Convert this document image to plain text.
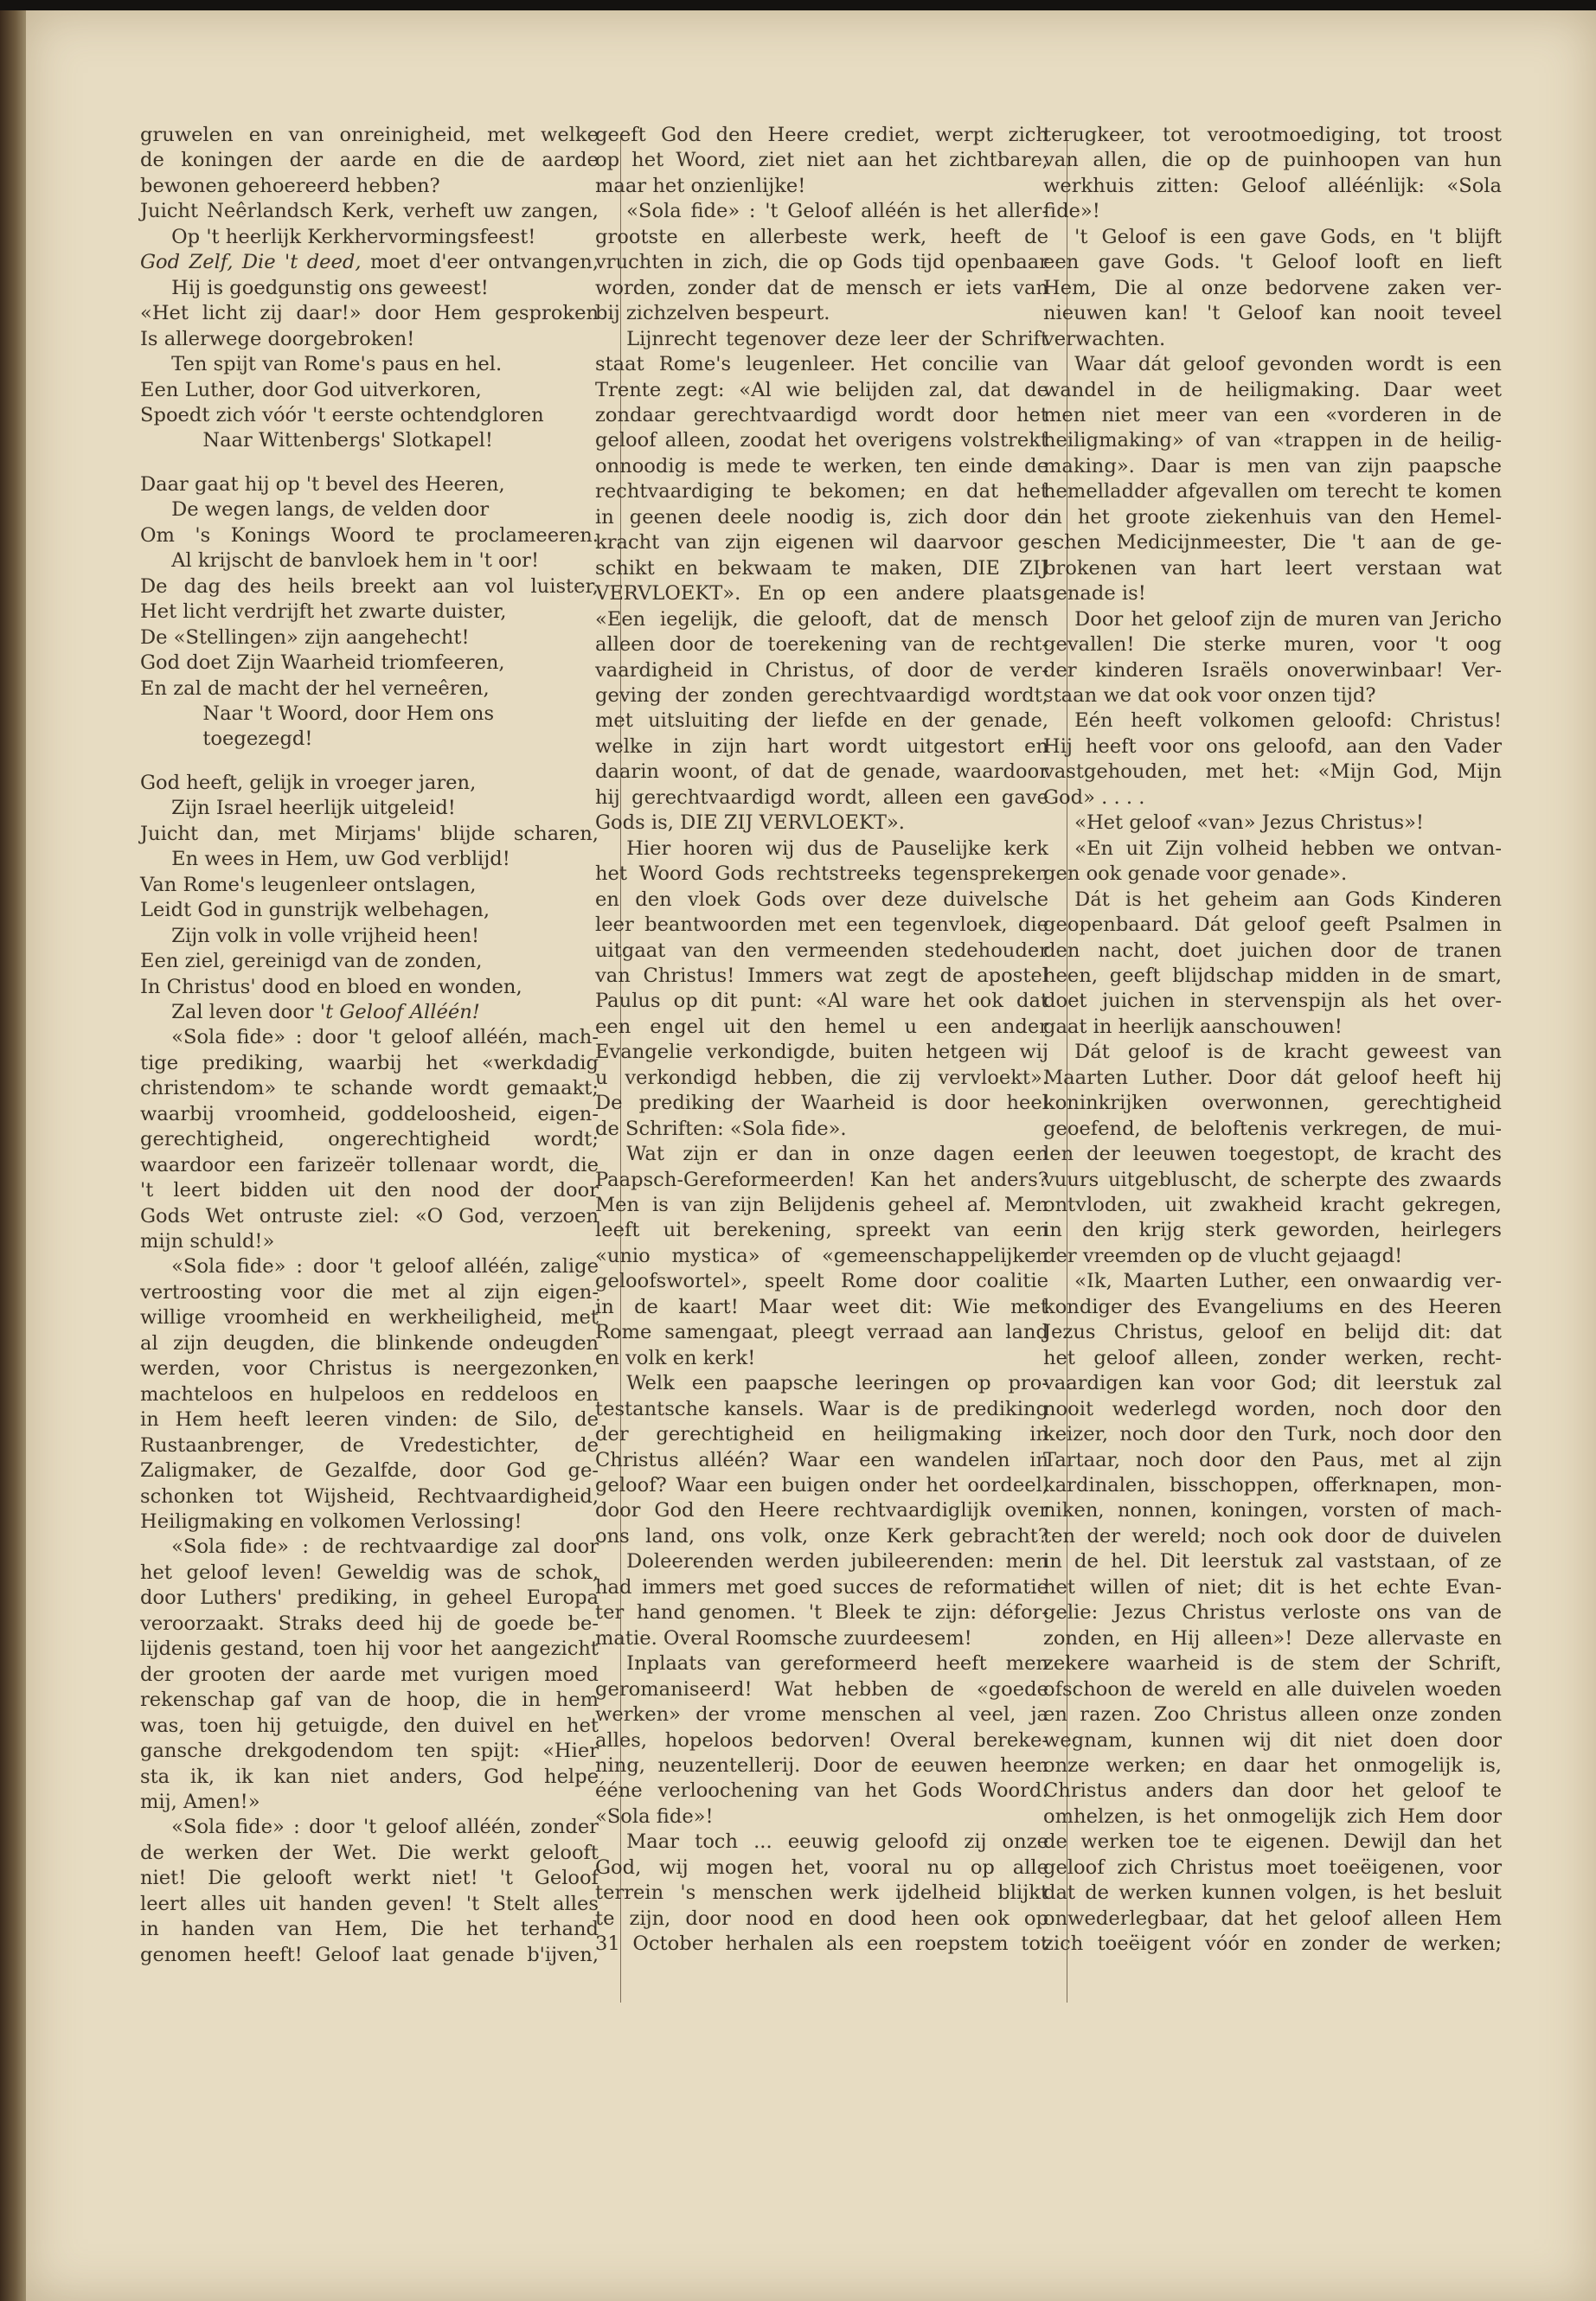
gruwelen en van onreinigheid, met welke

de koningen der aarde en die de aarde

bewonen gehoereerd hebben?

Juicht Neêrlandsch Kerk, verheft uw zangen,

Op 't heerlijk Kerkhervormingsfeest!

God Zelf, Die 't deed, moet d'eer ontvangen,

Hij is goedgunstig ons geweest!

«Het licht zij daar!» door Hem gesproken

Is allerwege doorgebroken!

Ten spijt van Rome's paus en hel.

Een Luther, door God uitverkoren,

Spoedt zich vóór 't eerste ochtendgloren

Naar Wittenbergs' Slotkapel!

Daar gaat hij op 't bevel des Heeren,

De wegen langs, de velden door

Om 's Konings Woord te proclameeren.

Al krijscht de banvloek hem in 't oor!

De dag des heils breekt aan vol luister,

Het licht verdrijft het zwarte duister,

De «Stellingen» zijn aangehecht!

God doet Zijn Waarheid triomfeeren,

En zal de macht der hel verneêren,

Naar 't Woord, door Hem ons toegezegd!

God heeft, gelijk in vroeger jaren,

Zijn Israel heerlijk uitgeleid!

Juicht dan, met Mirjams' blijde scharen,

En wees in Hem, uw God verblijd!

Van Rome's leugenleer ontslagen,

Leidt God in gunstrijk welbehagen,

Zijn volk in volle vrijheid heen!

Een ziel, gereinigd van de zonden,

In Christus' dood en bloed en wonden,

Zal leven door 't Geloof Alléén!

«Sola fide» : door 't geloof alléén, mach-

tige prediking, waarbij het «werkdadig

christendom» te schande wordt gemaakt;

waarbij vroomheid, goddeloosheid, eigen-

gerechtigheid, ongerechtigheid wordt;

waardoor een farizeër tollenaar wordt, die

't leert bidden uit den nood der door

Gods Wet ontruste ziel: «O God, verzoen

mijn schuld!»

«Sola fide» : door 't geloof alléén, zalige

vertroosting voor die met al zijn eigen-

willige vroomheid en werkheiligheid, met

al zijn deugden, die blinkende ondeugden

werden, voor Christus is neergezonken,

machteloos en hulpeloos en reddeloos en

in Hem heeft leeren vinden: de Silo, de

Rustaanbrenger, de Vredestichter, de

Zaligmaker, de Gezalfde, door God ge-

schonken tot Wijsheid, Rechtvaardigheid,

Heiligmaking en volkomen Verlossing!

«Sola fide» : de rechtvaardige zal door

het geloof leven! Geweldig was de schok,

door Luthers' prediking, in geheel Europa

veroorzaakt. Straks deed hij de goede be-

lijdenis gestand, toen hij voor het aangezicht

der grooten der aarde met vurigen moed

rekenschap gaf van de hoop, die in hem

was, toen hij getuigde, den duivel en het

gansche drekgodendom ten spijt: «Hier

sta ik, ik kan niet anders, God helpe

mij, Amen!»

«Sola fide» : door 't geloof alléén, zonder

de werken der Wet. Die werkt gelooft

niet! Die gelooft werkt niet! 't Geloof

leert alles uit handen geven! 't Stelt alles

in handen van Hem, Die het terhand

genomen heeft! Geloof laat genade b'ijven,

geeft God den Heere crediet, werpt zich

op het Woord, ziet niet aan het zichtbare,

maar het onzienlijke!

«Sola fide» : 't Geloof alléén is het aller-

grootste en allerbeste werk, heeft de

vruchten in zich, die op Gods tijd openbaar

worden, zonder dat de mensch er iets van

bij zichzelven bespeurt.

Lijnrecht tegenover deze leer der Schrift

staat Rome's leugenleer. Het concilie van

Trente zegt: «Al wie belijden zal, dat de

zondaar gerechtvaardigd wordt door het

geloof alleen, zoodat het overigens volstrekt

onnoodig is mede te werken, ten einde de

rechtvaardiging te bekomen; en dat het

in geenen deele noodig is, zich door de

kracht van zijn eigenen wil daarvoor ge-

schikt en bekwaam te maken, DIE ZIJ

VERVLOEKT». En op een andere plaats:

«Een iegelijk, die gelooft, dat de mensch

alleen door de toerekening van de recht-

vaardigheid in Christus, of door de ver-

geving der zonden gerechtvaardigd wordt,

met uitsluiting der liefde en der genade,

welke in zijn hart wordt uitgestort en

daarin woont, of dat de genade, waardoor

hij gerechtvaardigd wordt, alleen een gave

Gods is, DIE ZIJ VERVLOEKT».

Hier hooren wij dus de Pauselijke kerk

het Woord Gods rechtstreeks tegenspreken

en den vloek Gods over deze duivelsche

leer beantwoorden met een tegenvloek, die

uitgaat van den vermeenden stedehouder

van Christus! Immers wat zegt de apostel

Paulus op dit punt: «Al ware het ook dat

een engel uit den hemel u een ander

Evangelie verkondigde, buiten hetgeen wij

u verkondigd hebben, die zij vervloekt».

De prediking der Waarheid is door heel

de Schriften: «Sola fide».

Wat zijn er dan in onze dagen een

Paapsch-Gereformeerden! Kan het anders?

Men is van zijn Belijdenis geheel af. Men

leeft uit berekening, spreekt van een

«unio mystica» of «gemeenschappelijken

geloofswortel», speelt Rome door coalitie

in de kaart! Maar weet dit: Wie met

Rome samengaat, pleegt verraad aan land

en volk en kerk!

Welk een paapsche leeringen op pro-

testantsche kansels. Waar is de prediking

der gerechtigheid en heiligmaking in

Christus alléén? Waar een wandelen in

geloof? Waar een buigen onder het oordeel,

door God den Heere rechtvaardiglijk over

ons land, ons volk, onze Kerk gebracht?

Doleerenden werden jubileerenden: men

had immers met goed succes de reformatie

ter hand genomen. 't Bleek te zijn: défor-

matie. Overal Roomsche zuurdeesem!

Inplaats van gereformeerd heeft men

geromaniseerd! Wat hebben de «goede

werken» der vrome menschen al veel, ja

alles, hopeloos bedorven! Overal bereke-

ning, neuzentellerij. Door de eeuwen heen

ééne verloochening van het Gods Woord:

«Sola fide»!

Maar toch ... eeuwig geloofd zij onze

God, wij mogen het, vooral nu op alle

terrein 's menschen werk ijdelheid blijkt

te zijn, door nood en dood heen ook op

31 October herhalen als een roepstem tot

terugkeer, tot verootmoediging, tot troost

van allen, die op de puinhoopen van hun

werkhuis zitten: Geloof alléénlijk: «Sola

fide»!

't Geloof is een gave Gods, en 't blijft

een gave Gods. 't Geloof looft en lieft

Hem, Die al onze bedorvene zaken ver-

nieuwen kan! 't Geloof kan nooit teveel

verwachten.

Waar dát geloof gevonden wordt is een

wandel in de heiligmaking. Daar weet

men niet meer van een «vorderen in de

heiligmaking» of van «trappen in de heilig-

making». Daar is men van zijn paapsche

hemelladder afgevallen om terecht te komen

in het groote ziekenhuis van den Hemel-

schen Medicijnmeester, Die 't aan de ge-

brokenen van hart leert verstaan wat

genade is!

Door het geloof zijn de muren van Jericho

gevallen! Die sterke muren, voor 't oog

der kinderen Israëls onoverwinbaar! Ver-

staan we dat ook voor onzen tijd?

Eén heeft volkomen geloofd: Christus!

Hij heeft voor ons geloofd, aan den Vader

vastgehouden, met het: «Mijn God, Mijn

God» . . . .

«Het geloof «van» Jezus Christus»!

«En uit Zijn volheid hebben we ontvan-

gen ook genade voor genade».

Dát is het geheim aan Gods Kinderen

geopenbaard. Dát geloof geeft Psalmen in

den nacht, doet juichen door de tranen

heen, geeft blijdschap midden in de smart,

doet juichen in stervenspijn als het over-

gaat in heerlijk aanschouwen!

Dát geloof is de kracht geweest van

Maarten Luther. Door dát geloof heeft hij

koninkrijken overwonnen, gerechtigheid

geoefend, de beloftenis verkregen, de mui-

len der leeuwen toegestopt, de kracht des

vuurs uitgebluscht, de scherpte des zwaards

ontvloden, uit zwakheid kracht gekregen,

in den krijg sterk geworden, heirlegers

der vreemden op de vlucht gejaagd!

«Ik, Maarten Luther, een onwaardig ver-

kondiger des Evangeliums en des Heeren

Jezus Christus, geloof en belijd dit: dat

het geloof alleen, zonder werken, recht-

vaardigen kan voor God; dit leerstuk zal

nooit wederlegd worden, noch door den

keizer, noch door den Turk, noch door den

Tartaar, noch door den Paus, met al zijn

kardinalen, bisschoppen, offerknapen, mon-

niken, nonnen, koningen, vorsten of mach-

ten der wereld; noch ook door de duivelen

in de hel. Dit leerstuk zal vaststaan, of ze

het willen of niet; dit is het echte Evan-

gelie: Jezus Christus verloste ons van de

zonden, en Hij alleen»! Deze allervaste en

zekere waarheid is de stem der Schrift,

ofschoon de wereld en alle duivelen woeden

en razen. Zoo Christus alleen onze zonden

wegnam, kunnen wij dit niet doen door

onze werken; en daar het onmogelijk is,

Christus anders dan door het geloof te

omhelzen, is het onmogelijk zich Hem door

de werken toe te eigenen. Dewijl dan het

geloof zich Christus moet toeëigenen, voor

dat de werken kunnen volgen, is het besluit

onwederlegbaar, dat het geloof alleen Hem

zich toeëigent vóór en zonder de werken;
